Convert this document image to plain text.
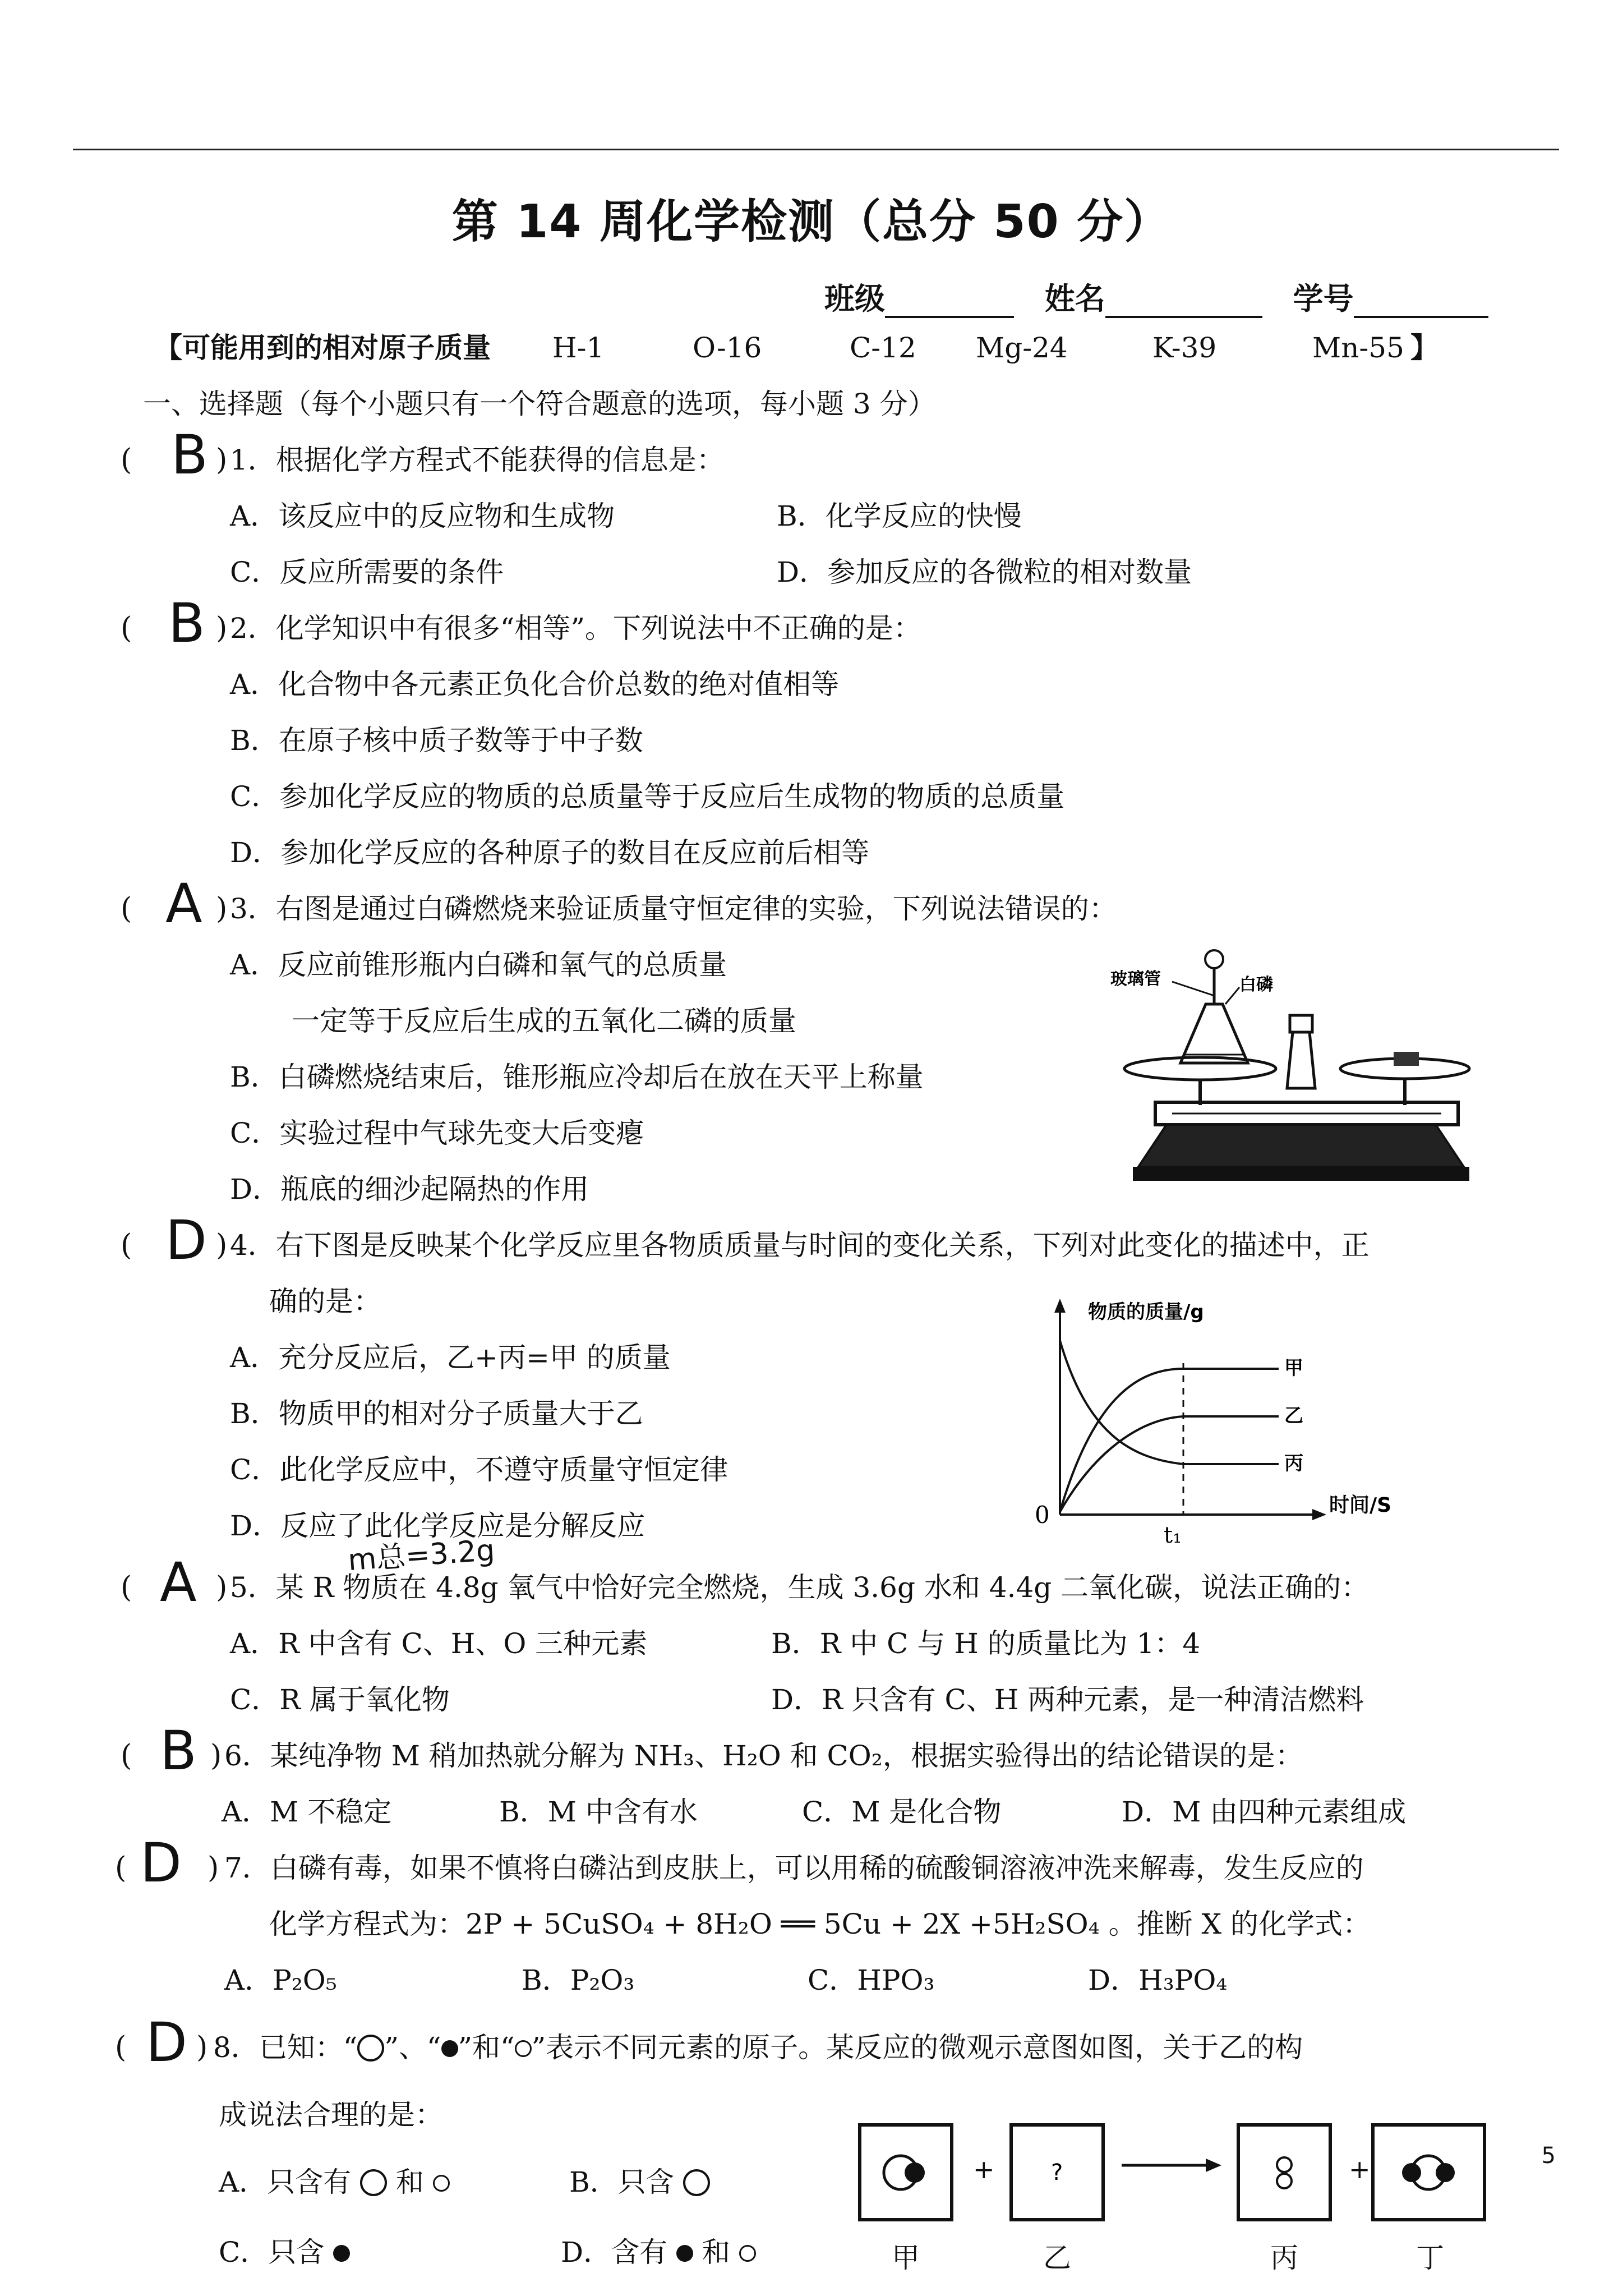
第 14 周化学检测（总分 50 分）
班级	姓名	学号
【可能用到的相对原子质量 H-1	O-16	C-12 Mg-24	K-39	Mn-55 】
一、选择题（每个小题只有一个符合题意的选项，每小题 3 分）
( B ) 1．根据化学方程式不能获得的信息是：
A．该反应中的反应物和生成物	B．化学反应的快慢
C．反应所需要的条件	D．参加反应的各微粒的相对数量
( B ) 2．化学知识中有很多“相等”。下列说法中不正确的是：
A．化合物中各元素正负化合价总数的绝对值相等
B．在原子核中质子数等于中子数
C．参加化学反应的物质的总质量等于反应后生成物的物质的总质量
D．参加化学反应的各种原子的数目在反应前后相等
( A ) 3．右图是通过白磷燃烧来验证质量守恒定律的实验，下列说法错误的：
A．反应前锥形瓶内白磷和氧气的总质量
一定等于反应后生成的五氧化二磷的质量
B．白磷燃烧结束后，锥形瓶应冷却后在放在天平上称量
C．实验过程中气球先变大后变瘪
D．瓶底的细沙起隔热的作用
玻璃管	白磷
( D ) 4．右下图是反映某个化学反应里各物质质量与时间的变化关系，下列对此变化的描述中，正
确的是：
A．充分反应后，乙+丙=甲 的质量
B．物质甲的相对分子质量大于乙
C．此化学反应中，不遵守质量守恒定律
D．反应了此化学反应是分解反应
物质的质量/g
时间/S
0
t₁
甲
乙
丙
m总=3.2g
( A ) 5．某 R 物质在 4.8g 氧气中恰好完全燃烧，生成 3.6g 水和 4.4g 二氧化碳，说法正确的：
A．R 中含有 C、H、O 三种元素	B．R 中 C 与 H 的质量比为 1：4
C．R 属于氧化物	D．R 只含有 C、H 两种元素，是一种清洁燃料
( B ) 6．某纯净物 M 稍加热就分解为 NH₃、H₂O 和 CO₂，根据实验得出的结论错误的是：
A．M 不稳定	B．M 中含有水	C．M 是化合物	D．M 由四种元素组成
( D ) 7．白磷有毒，如果不慎将白磷沾到皮肤上，可以用稀的硫酸铜溶液冲洗来解毒，发生反应的
化学方程式为：2P + 5CuSO₄ + 8H₂O ══ 5Cu + 2X +5H₂SO₄ 。推断 X 的化学式：
A．P₂O₅	B．P₂O₃	C．HPO₃	D．H₃PO₄
( D ) 8．已知：“ ”、“ ”和“ ”表示不同元素的原子。某反应的微观示意图如图，关于乙的构
成说法合理的是：
A．只含有 和	B．只含
C．只含	D．含有 和
+	?	+
甲	乙	丙	丁
5
